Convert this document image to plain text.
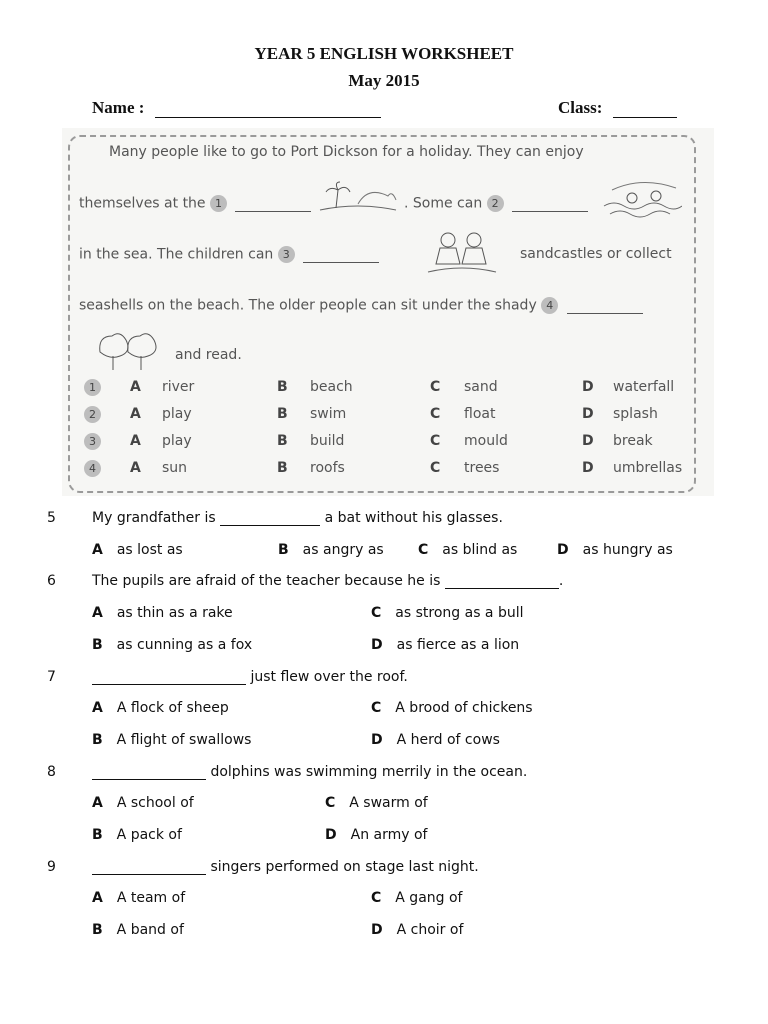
YEAR 5 ENGLISH WORKSHEET
May 2015
Name :	Class:
Many people like to go to Port Dickson for a holiday. They can enjoy
themselves at the 1	. Some can 2
in the sea. The children can 3	sandcastles or collect
seashells on the beach. The older people can sit under the shady 4
and read.
1	A river	B beach	C sand	D waterfall
2	A play	B swim	C float	D splash
3	A play	B build	C mould	D break
4	A sun	B roofs	C trees	D umbrellas
5	My grandfather is	a bat without his glasses.
A as lost as	B as angry as C as blind as	D as hungry as
6	The pupils are afraid of the teacher because he is	.
A as thin as a rake	C as strong as a bull
B as cunning as a fox	D as fierce as a lion
7	just flew over the roof.
A A flock of sheep	C A brood of chickens
B A flight of swallows	D A herd of cows
8	dolphins was swimming merrily in the ocean.
A A school of	C A swarm of
B A pack of	D An army of
9	singers performed on stage last night.
A A team of	C A gang of
B A band of	D A choir of
